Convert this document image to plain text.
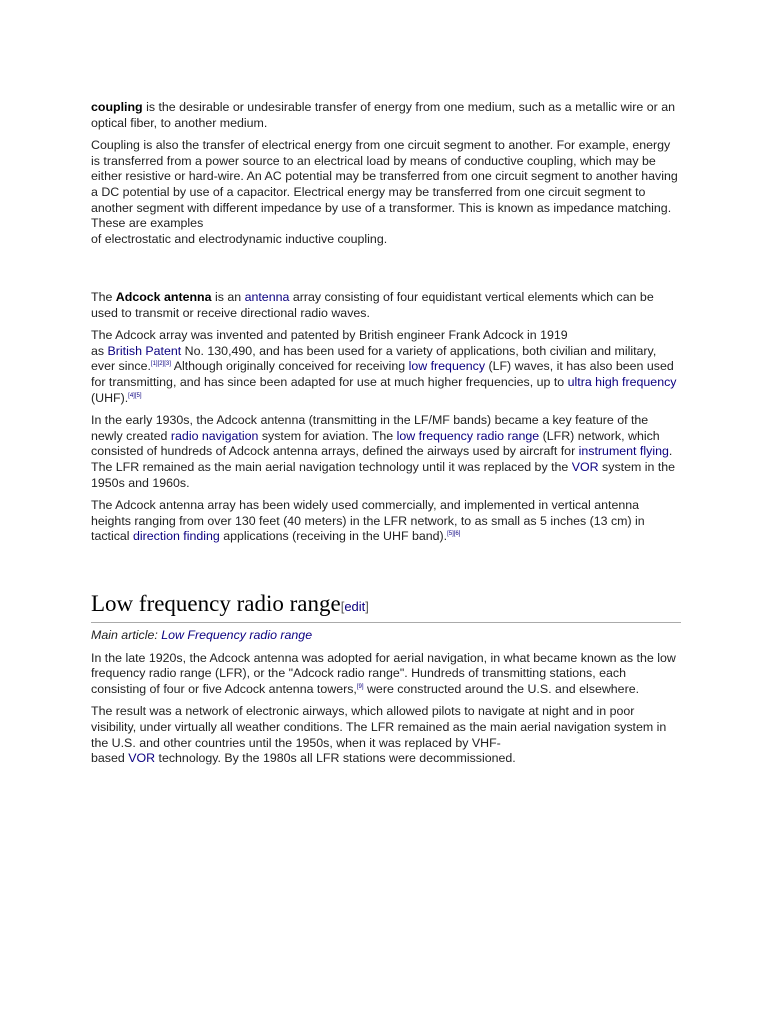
coupling is the desirable or undesirable transfer of energy from one medium, such as a metallic wire or an optical fiber, to another medium.

Coupling is also the transfer of electrical energy from one circuit segment to another. For example, energy is transferred from a power source to an electrical load by means of conductive coupling, which may be either resistive or hard-wire. An AC potential may be transferred from one circuit segment to another having a DC potential by use of a capacitor. Electrical energy may be transferred from one circuit segment to another segment with different impedance by use of a transformer. This is known as impedance matching. These are examples
of electrostatic and electrodynamic inductive coupling.

The Adcock antenna is an antenna array consisting of four equidistant vertical elements which can be used to transmit or receive directional radio waves.

The Adcock array was invented and patented by British engineer Frank Adcock in 1919
as British Patent No. 130,490, and has been used for a variety of applications, both civilian and military, ever since.[1][2][3] Although originally conceived for receiving low frequency (LF) waves, it has also been used for transmitting, and has since been adapted for use at much higher frequencies, up to ultra high frequency (UHF).[4][5]

In the early 1930s, the Adcock antenna (transmitting in the LF/MF bands) became a key feature of the newly created radio navigation system for aviation. The low frequency radio range (LFR) network, which consisted of hundreds of Adcock antenna arrays, defined the airways used by aircraft for instrument flying. The LFR remained as the main aerial navigation technology until it was replaced by the VOR system in the 1950s and 1960s.

The Adcock antenna array has been widely used commercially, and implemented in vertical antenna heights ranging from over 130 feet (40 meters) in the LFR network, to as small as 5 inches (13 cm) in tactical direction finding applications (receiving in the UHF band).[5][6]

Low frequency radio range[edit]

Main article: Low Frequency radio range

In the late 1920s, the Adcock antenna was adopted for aerial navigation, in what became known as the low frequency radio range (LFR), or the "Adcock radio range". Hundreds of transmitting stations, each consisting of four or five Adcock antenna towers,[9] were constructed around the U.S. and elsewhere.

The result was a network of electronic airways, which allowed pilots to navigate at night and in poor visibility, under virtually all weather conditions. The LFR remained as the main aerial navigation system in the U.S. and other countries until the 1950s, when it was replaced by VHF-
based VOR technology. By the 1980s all LFR stations were decommissioned.
